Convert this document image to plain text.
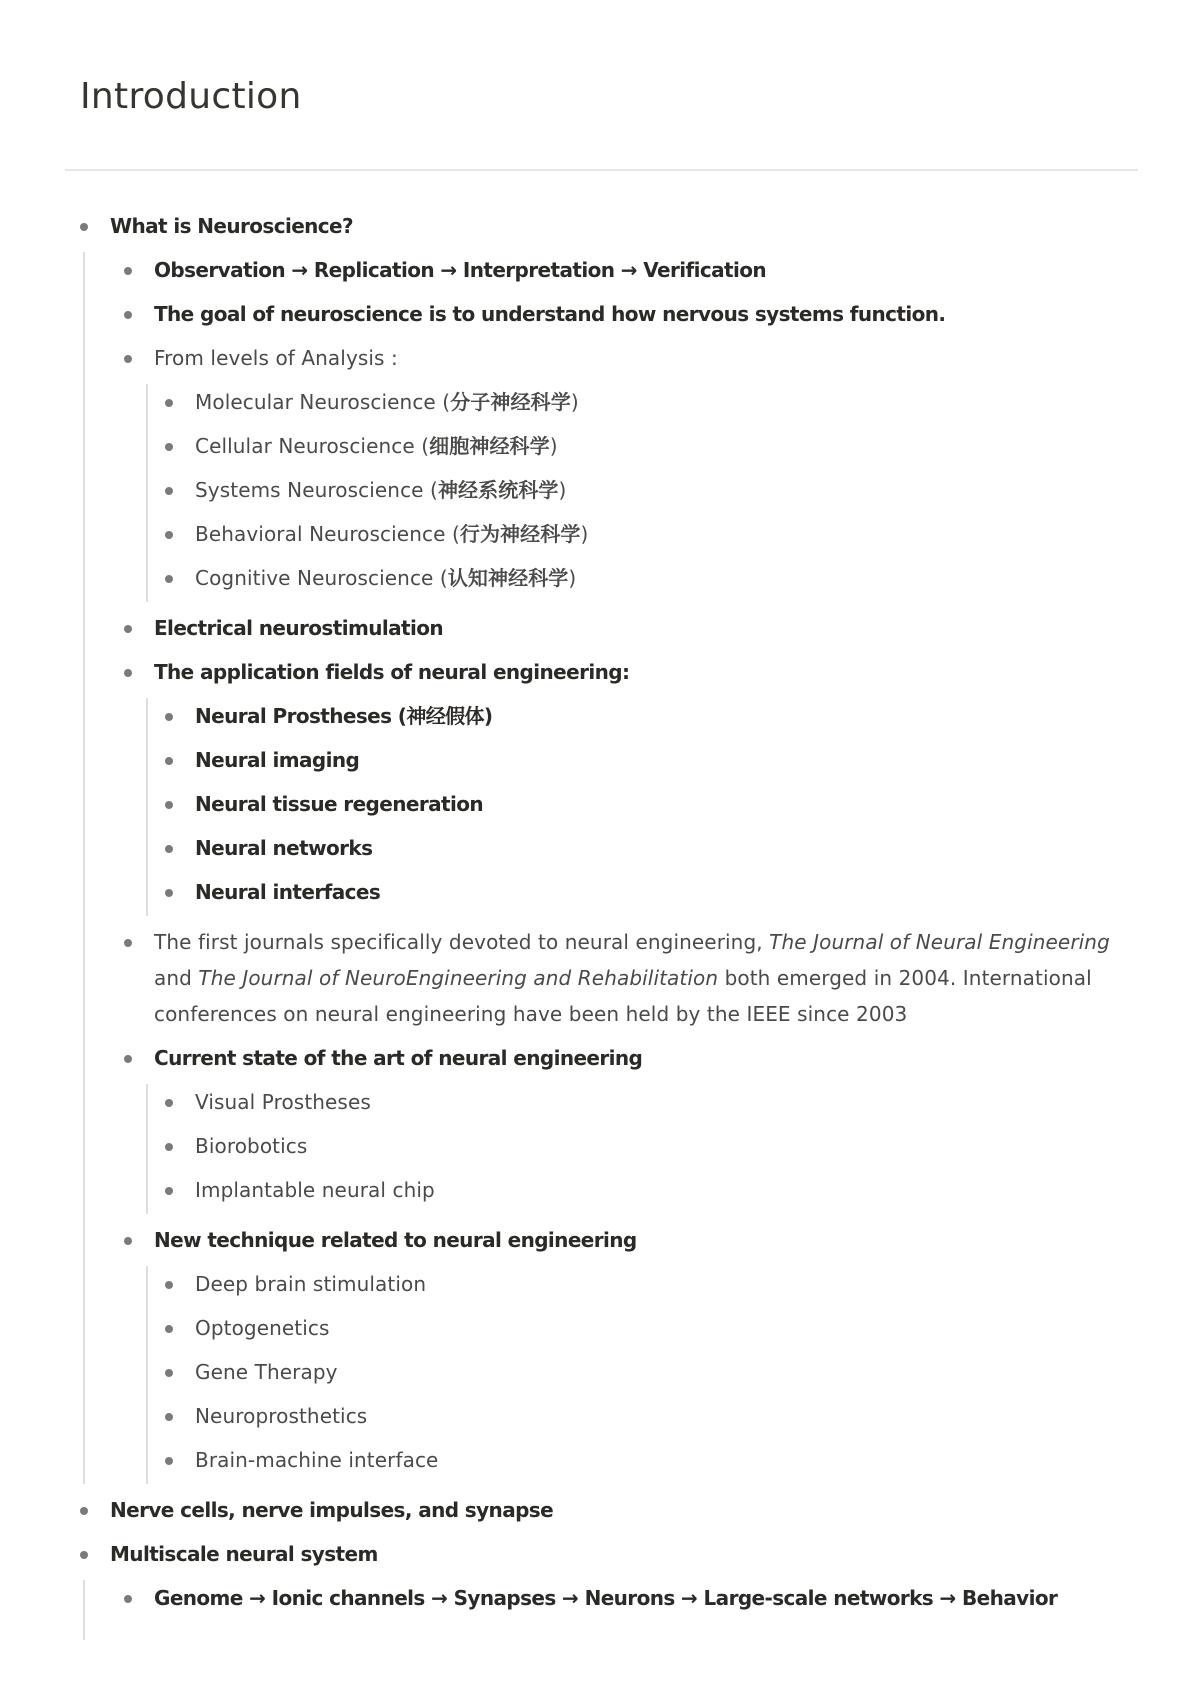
Introduction
What is Neuroscience?
Observation → Replication → Interpretation → Verification
The goal of neuroscience is to understand how nervous systems function.
From levels of Analysis :
Molecular Neuroscience (分子神经科学)
Cellular Neuroscience (细胞神经科学)
Systems Neuroscience (神经系统科学)
Behavioral Neuroscience (行为神经科学)
Cognitive Neuroscience (认知神经科学)
Electrical neurostimulation
The application fields of neural engineering:
Neural Prostheses (神经假体)
Neural imaging
Neural tissue regeneration
Neural networks
Neural interfaces
The first journals specifically devoted to neural engineering, The Journal of Neural Engineering and The Journal of NeuroEngineering and Rehabilitation both emerged in 2004. International conferences on neural engineering have been held by the IEEE since 2003
Current state of the art of neural engineering
Visual Prostheses
Biorobotics
Implantable neural chip
New technique related to neural engineering
Deep brain stimulation
Optogenetics
Gene Therapy
Neuroprosthetics
Brain-machine interface
Nerve cells, nerve impulses, and synapse
Multiscale neural system
Genome → Ionic channels → Synapses → Neurons → Large-scale networks → Behavior
